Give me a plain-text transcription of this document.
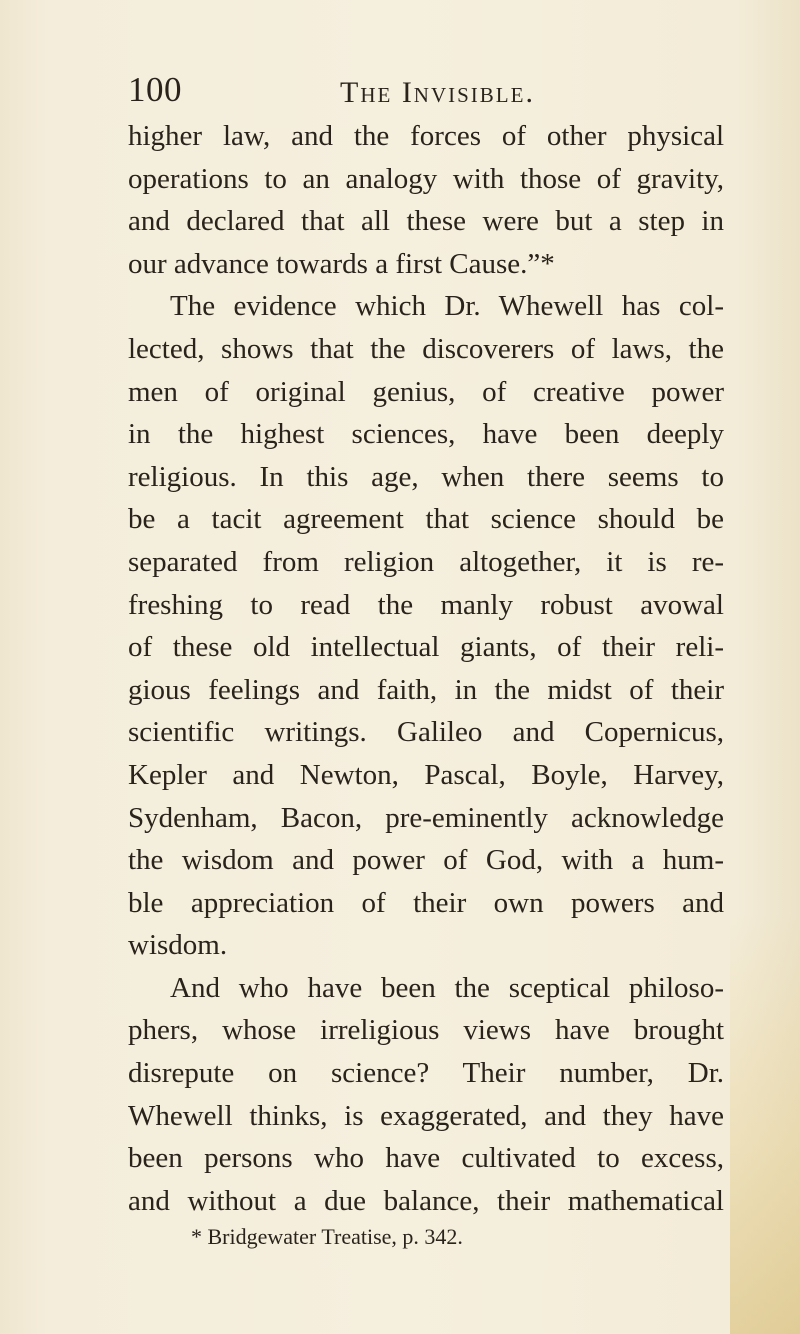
100	The Invisible.
higher law, and the forces of other physical
operations to an analogy with those of gravity,
and declared that all these were but a step in
our advance towards a first Cause.”*
The evidence which Dr. Whewell has col-
lected, shows that the discoverers of laws, the
men of original genius, of creative power
in the highest sciences, have been deeply
religious. In this age, when there seems to
be a tacit agreement that science should be
separated from religion altogether, it is re-
freshing to read the manly robust avowal
of these old intellectual giants, of their reli-
gious feelings and faith, in the midst of their
scientific writings. Galileo and Copernicus,
Kepler and Newton, Pascal, Boyle, Harvey,
Sydenham, Bacon, pre-eminently acknowledge
the wisdom and power of God, with a hum-
ble appreciation of their own powers and
wisdom.
And who have been the sceptical philoso-
phers, whose irreligious views have brought
disrepute on science? Their number, Dr.
Whewell thinks, is exaggerated, and they have
been persons who have cultivated to excess,
and without a due balance, their mathematical
* Bridgewater Treatise, p. 342.
